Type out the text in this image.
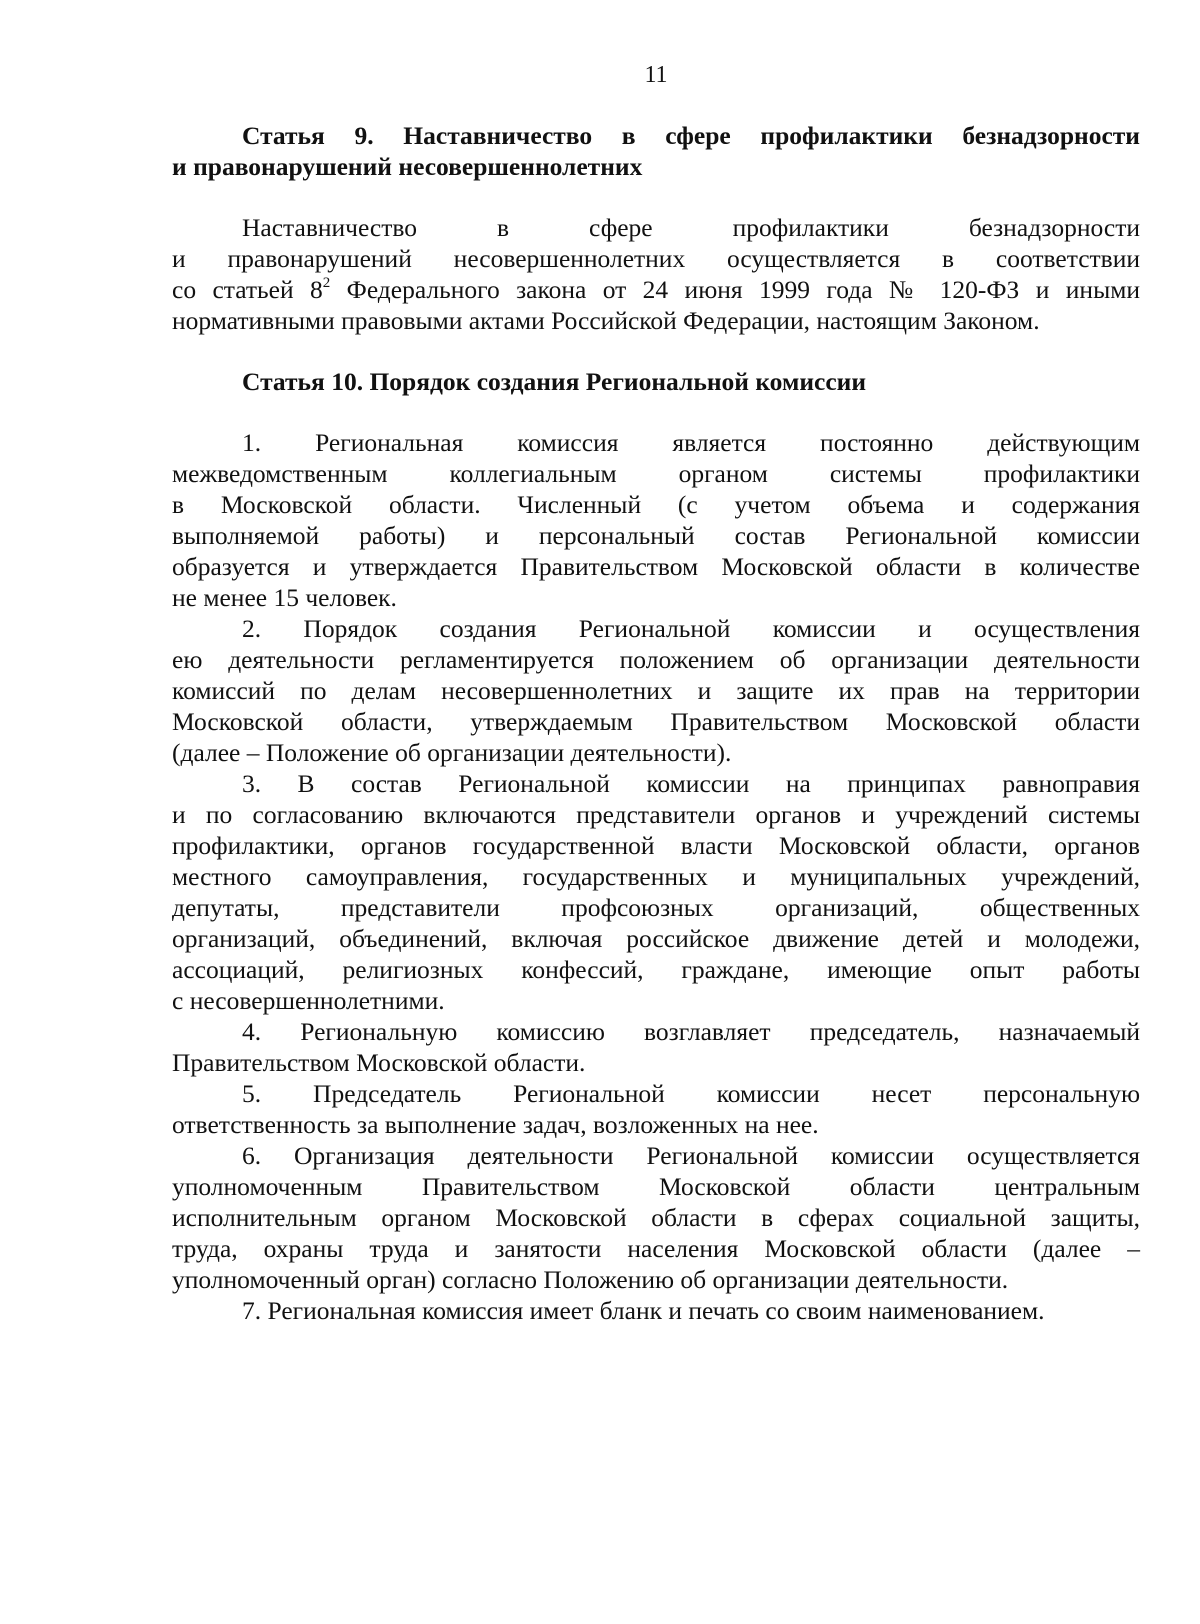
11
Статья 9. Наставничество в сфере профилактики безнадзорности
и правонарушений несовершеннолетних
Наставничество в сфере профилактики безнадзорности
и правонарушений несовершеннолетних осуществляется в соответствии
со статьей $8^2$ Федерального закона от 24 июня 1999 года № 120-ФЗ и иными
нормативными правовыми актами Российской Федерации, настоящим Законом.
Статья 10. Порядок создания Региональной комиссии
1. Региональная комиссия является постоянно действующим
межведомственным коллегиальным органом системы профилактики
в Московской области. Численный (с учетом объема и содержания
выполняемой работы) и персональный состав Региональной комиссии
образуется и утверждается Правительством Московской области в количестве
не менее 15 человек.
2. Порядок создания Региональной комиссии и осуществления
ею деятельности регламентируется положением об организации деятельности
комиссий по делам несовершеннолетних и защите их прав на территории
Московской области, утверждаемым Правительством Московской области
(далее – Положение об организации деятельности).
3. В состав Региональной комиссии на принципах равноправия
и по согласованию включаются представители органов и учреждений системы
профилактики, органов государственной власти Московской области, органов
местного самоуправления, государственных и муниципальных учреждений,
депутаты, представители профсоюзных организаций, общественных
организаций, объединений, включая российское движение детей и молодежи,
ассоциаций, религиозных конфессий, граждане, имеющие опыт работы
с несовершеннолетними.
4. Региональную комиссию возглавляет председатель, назначаемый
Правительством Московской области.
5. Председатель Региональной комиссии несет персональную
ответственность за выполнение задач, возложенных на нее.
6. Организация деятельности Региональной комиссии осуществляется
уполномоченным Правительством Московской области центральным
исполнительным органом Московской области в сферах социальной защиты,
труда, охраны труда и занятости населения Московской области (далее –
уполномоченный орган) согласно Положению об организации деятельности.
7. Региональная комиссия имеет бланк и печать со своим наименованием.
